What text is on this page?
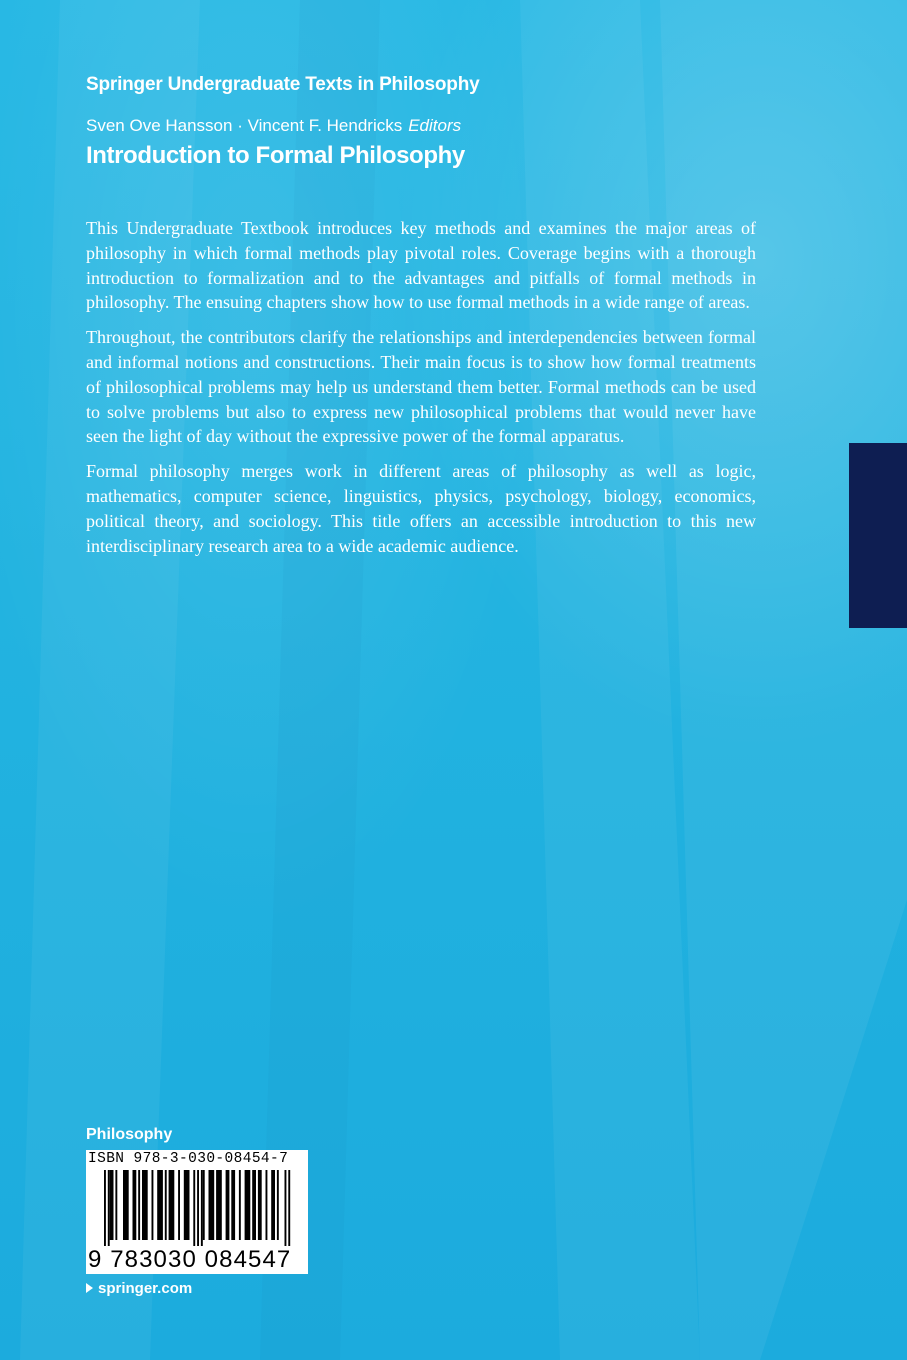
Springer Undergraduate Texts in Philosophy
Sven Ove Hansson · Vincent F. Hendricks Editors
Introduction to Formal Philosophy

This Undergraduate Textbook introduces key methods and examines the major areas of philosophy in which formal methods play pivotal roles. Coverage begins with a thorough introduction to formalization and to the advantages and pitfalls of formal methods in philosophy. The ensuing chapters show how to use formal methods in a wide range of areas.

Throughout, the contributors clarify the relationships and interdependencies between formal and informal notions and constructions. Their main focus is to show how formal treatments of philosophical problems may help us understand them better. Formal methods can be used to solve problems but also to express new philosophical problems that would never have seen the light of day without the expressive power of the formal apparatus.

Formal philosophy merges work in different areas of philosophy as well as logic, mathematics, computer science, linguistics, physics, psychology, biology, economics, political theory, and sociology. This title offers an accessible introduction to this new interdisciplinary research area to a wide academic audience.

Philosophy
ISBN 978-3-030-08454-7
9 783030 084547
springer.com
